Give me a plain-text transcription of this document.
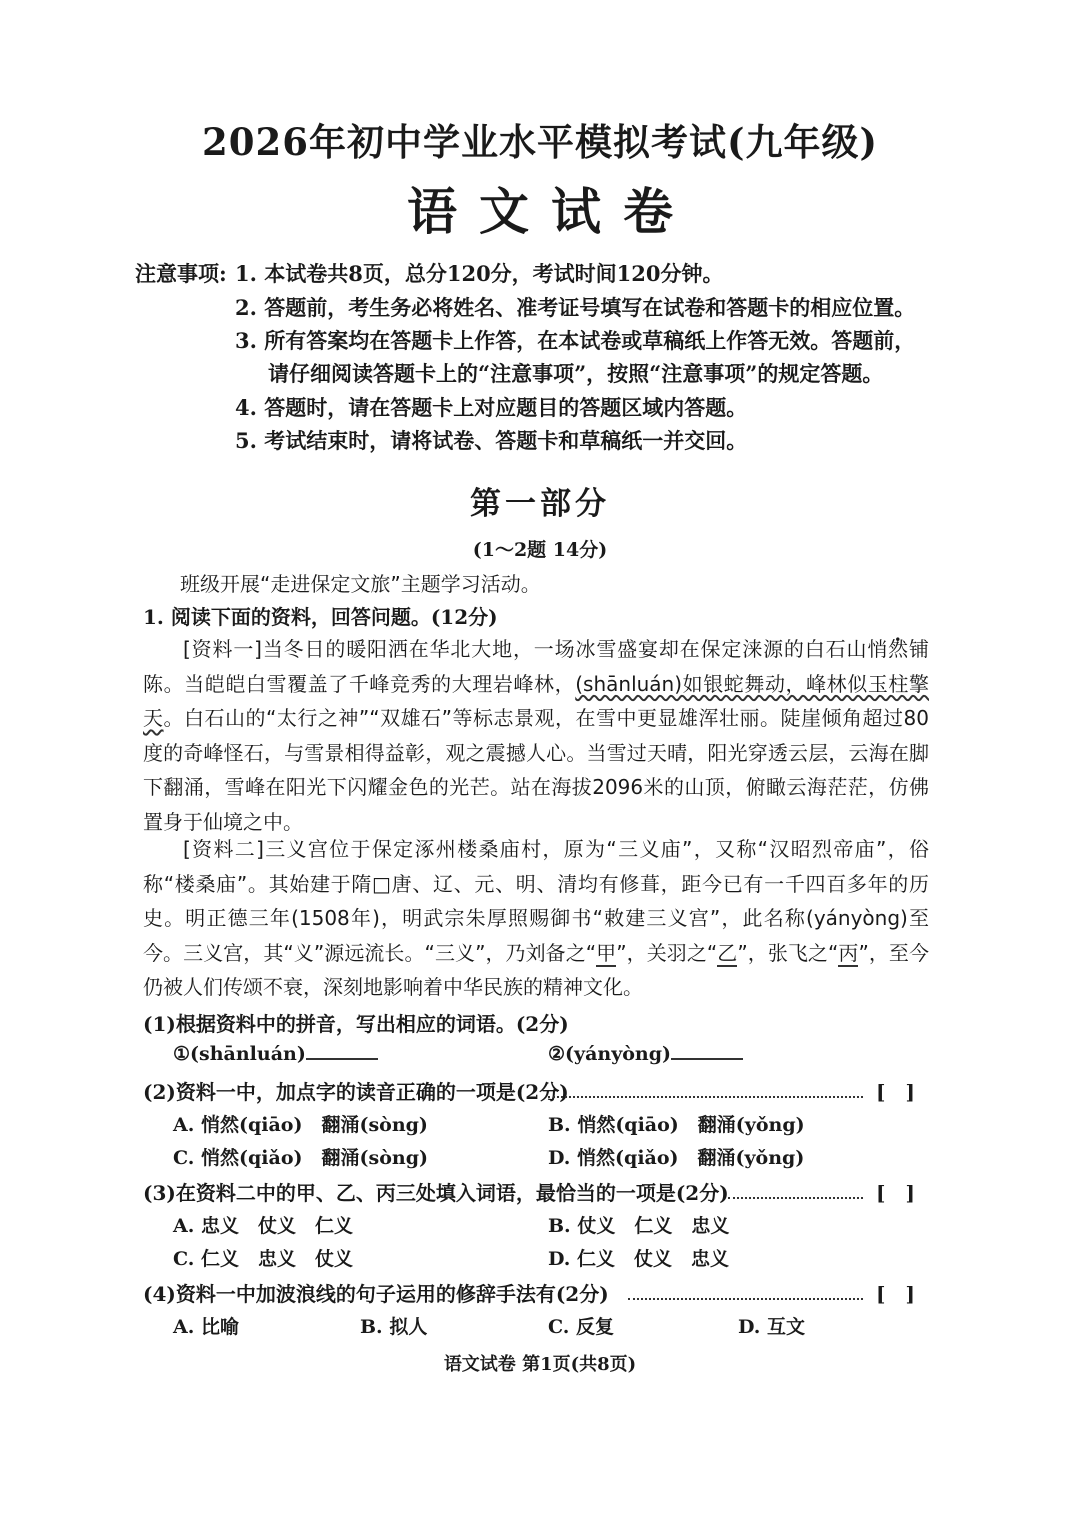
2026年初中学业水平模拟考试(九年级)
语文试卷
注意事项: 1. 本试卷共8页，总分120分，考试时间120分钟。
2. 答题前，考生务必将姓名、准考证号填写在试卷和答题卡的相应位置。
3. 所有答案均在答题卡上作答，在本试卷或草稿纸上作答无效。答题前，
请仔细阅读答题卡上的“注意事项”，按照“注意事项”的规定答题。
4. 答题时，请在答题卡上对应题目的答题区域内答题。
5. 考试结束时，请将试卷、答题卡和草稿纸一并交回。
第一部分
(1～2题 14分)
班级开展“走进保定文旅”主题学习活动。
1. 阅读下面的资料，回答问题。(12分)
[资料一]当冬日的暖阳洒在华北大地，一场冰雪盛宴却在保定涞源的白石山悄然铺陈。当皑皑白雪覆盖了千峰竞秀的大理岩峰林，(shānluán)如银蛇舞动，峰林似玉柱擎天。白石山的“太行之神”“双雄石”等标志景观，在雪中更显雄浑壮丽。陡崖倾角超过80度的奇峰怪石，与雪景相得益彰，观之震撼人心。当雪过天晴，阳光穿透云层，云海在脚下翻涌，雪峰在阳光下闪耀金色的光芒。站在海拔2096米的山顶，俯瞰云海茫茫，仿佛置身于仙境之中。
[资料二]三义宫位于保定涿州楼桑庙村，原为“三义庙”，又称“汉昭烈帝庙”，俗称“楼桑庙”。其始建于隋□唐、辽、元、明、清均有修葺，距今已有一千四百多年的历史。明正德三年(1508年)，明武宗朱厚照赐御书“敕建三义宫”，此名称(yányòng)至今。三义宫，其“义”源远流长。“三义”，乃刘备之“甲”，关羽之“乙”，张飞之“丙”，至今仍被人们传颂不衰，深刻地影响着中华民族的精神文化。
(1)根据资料中的拼音，写出相应的词语。(2分)
①(shānluán)	②(yányòng)
(2)资料一中，加点字的读音正确的一项是(2分)	[　]
A. 悄然(qiāo)　 翻涌(sòng)	B. 悄然(qiāo)　 翻涌(yǒng)
C. 悄然(qiǎo)　 翻涌(sòng)	D. 悄然(qiǎo)　 翻涌(yǒng)
(3)在资料二中的甲、乙、丙三处填入词语，最恰当的一项是(2分)	[　]
A. 忠义　仗义　仁义	B. 仗义　仁义　忠义
C. 仁义　忠义　仗义	D. 仁义　仗义　忠义
(4)资料一中加波浪线的句子运用的修辞手法有(2分)	[　]
A. 比喻	B. 拟人	C. 反复	D. 互文
语文试卷 第1页(共8页)
